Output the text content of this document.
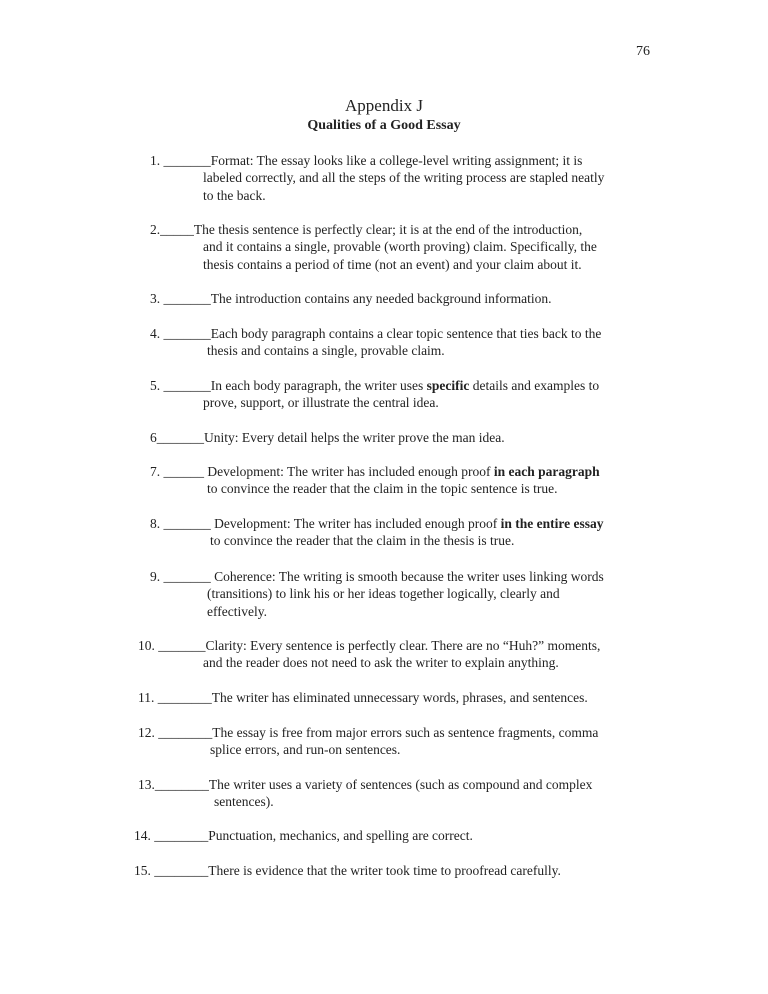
76
Appendix J
Qualities of a Good Essay
1. _______Format: The essay looks like a college-level writing assignment; it is
labeled correctly, and all the steps of the writing process are stapled neatly
to the back.
2._____The thesis sentence is perfectly clear; it is at the end of the introduction,
and it contains a single, provable (worth proving) claim. Specifically, the
thesis contains a period of time (not an event) and your claim about it.
3. _______The introduction contains any needed background information.
4. _______Each body paragraph contains a clear topic sentence that ties back to the
thesis and contains a single, provable claim.
5. _______In each body paragraph, the writer uses specific details and examples to
prove, support, or illustrate the central idea.
6_______Unity: Every detail helps the writer prove the man idea.
7. ______ Development: The writer has included enough proof in each paragraph
to convince the reader that the claim in the topic sentence is true.
8. _______ Development: The writer has included enough proof in the entire essay
to convince the reader that the claim in the thesis is true.
9. _______ Coherence: The writing is smooth because the writer uses linking words
(transitions) to link his or her ideas together logically, clearly and
effectively.
10. _______Clarity: Every sentence is perfectly clear. There are no “Huh?” moments,
and the reader does not need to ask the writer to explain anything.
11. ________The writer has eliminated unnecessary words, phrases, and sentences.
12. ________The essay is free from major errors such as sentence fragments, comma
splice errors, and run-on sentences.
13.________The writer uses a variety of sentences (such as compound and complex
sentences).
14. ________Punctuation, mechanics, and spelling are correct.
15. ________There is evidence that the writer took time to proofread carefully.
